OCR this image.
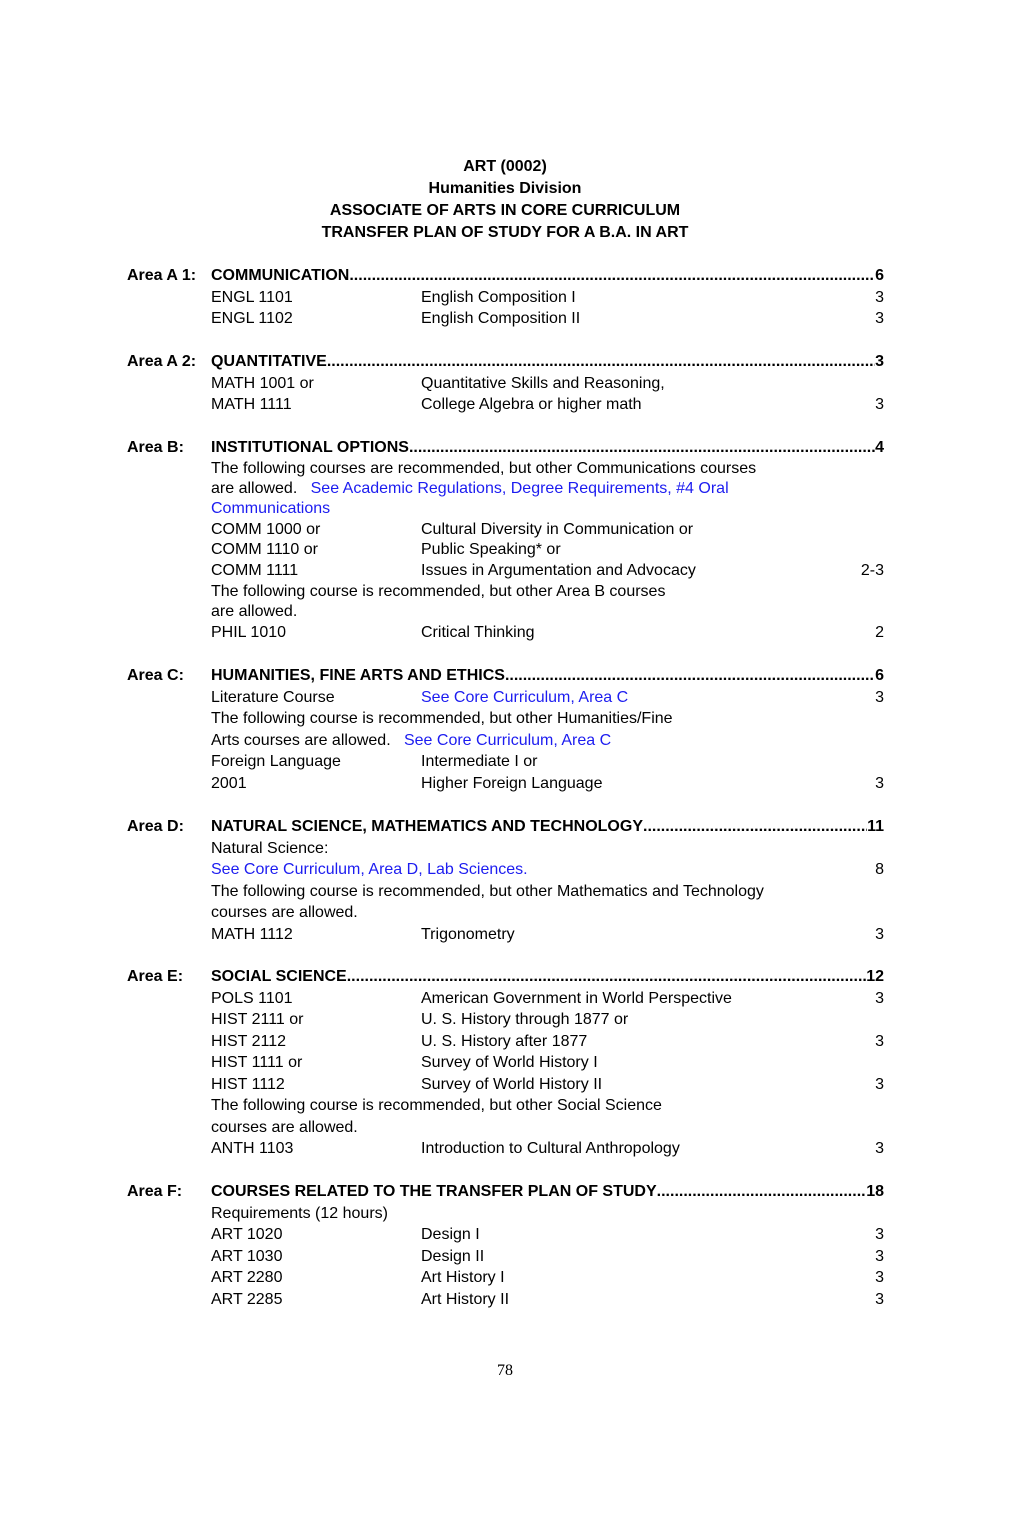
ART (0002)
Humanities Division
ASSOCIATE OF ARTS IN CORE CURRICULUM
TRANSFER PLAN OF STUDY FOR A B.A. IN ART
Area A 1: COMMUNICATION .....	6
ENGL 1101	English Composition I	3
ENGL 1102	English Composition II	3
Area A 2: QUANTITATIVE .....	3
MATH 1001 or	Quantitative Skills and Reasoning,
MATH 1111	College Algebra or higher math	3
Area B: INSTITUTIONAL OPTIONS .....	4
The following courses are recommended, but other Communications courses
are allowed. See Academic Regulations, Degree Requirements, #4 Oral
Communications
COMM 1000 or	Cultural Diversity in Communication or
COMM 1110 or	Public Speaking* or
COMM 1111	Issues in Argumentation and Advocacy	2-3
The following course is recommended, but other Area B courses
are allowed.
PHIL 1010	Critical Thinking	2
Area C: HUMANITIES, FINE ARTS AND ETHICS .....	6
Literature Course	See Core Curriculum, Area C	3
The following course is recommended, but other Humanities/Fine
Arts courses are allowed. See Core Curriculum, Area C
Foreign Language	Intermediate I or
2001	Higher Foreign Language	3
Area D: NATURAL SCIENCE, MATHEMATICS AND TECHNOLOGY .....	11
Natural Science:
See Core Curriculum, Area D, Lab Sciences.	8
The following course is recommended, but other Mathematics and Technology
courses are allowed.
MATH 1112	Trigonometry	3
Area E: SOCIAL SCIENCE .....	12
POLS 1101	American Government in World Perspective	3
HIST 2111 or	U. S. History through 1877 or
HIST 2112	U. S. History after 1877	3
HIST 1111 or	Survey of World History I
HIST 1112	Survey of World History II	3
The following course is recommended, but other Social Science
courses are allowed.
ANTH 1103	Introduction to Cultural Anthropology	3
Area F: COURSES RELATED TO THE TRANSFER PLAN OF STUDY .....	18
Requirements (12 hours)
ART 1020	Design I	3
ART 1030	Design II	3
ART 2280	Art History I	3
ART 2285	Art History II	3
78
